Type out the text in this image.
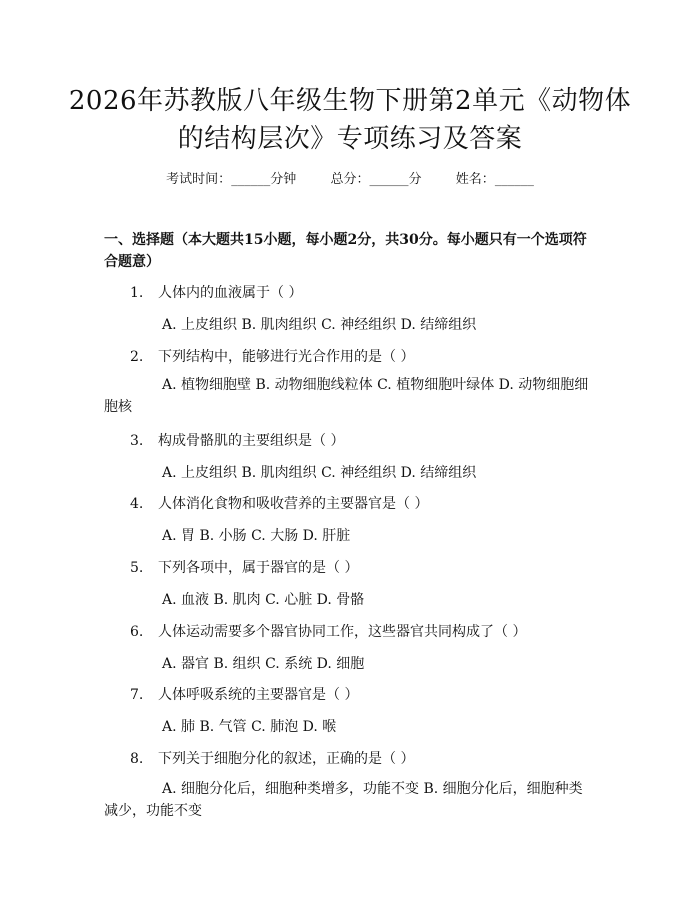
2026年苏教版八年级生物下册第2单元《动物体的结构层次》专项练习及答案
考试时间：______分钟	总分：______分	姓名：______
一、选择题（本大题共15小题，每小题2分，共30分。每小题只有一个选项符合题意）
1. 人体内的血液属于（ ）
A. 上皮组织 B. 肌肉组织 C. 神经组织 D. 结缔组织
2. 下列结构中，能够进行光合作用的是（ ）
A. 植物细胞壁 B. 动物细胞线粒体 C. 植物细胞叶绿体 D. 动物细胞细胞核
3. 构成骨骼肌的主要组织是（ ）
A. 上皮组织 B. 肌肉组织 C. 神经组织 D. 结缔组织
4. 人体消化食物和吸收营养的主要器官是（ ）
A. 胃 B. 小肠 C. 大肠 D. 肝脏
5. 下列各项中，属于器官的是（ ）
A. 血液 B. 肌肉 C. 心脏 D. 骨骼
6. 人体运动需要多个器官协同工作，这些器官共同构成了（ ）
A. 器官 B. 组织 C. 系统 D. 细胞
7. 人体呼吸系统的主要器官是（ ）
A. 肺 B. 气管 C. 肺泡 D. 喉
8. 下列关于细胞分化的叙述，正确的是（ ）
A. 细胞分化后，细胞种类增多，功能不变 B. 细胞分化后，细胞种类减少，功能不变
